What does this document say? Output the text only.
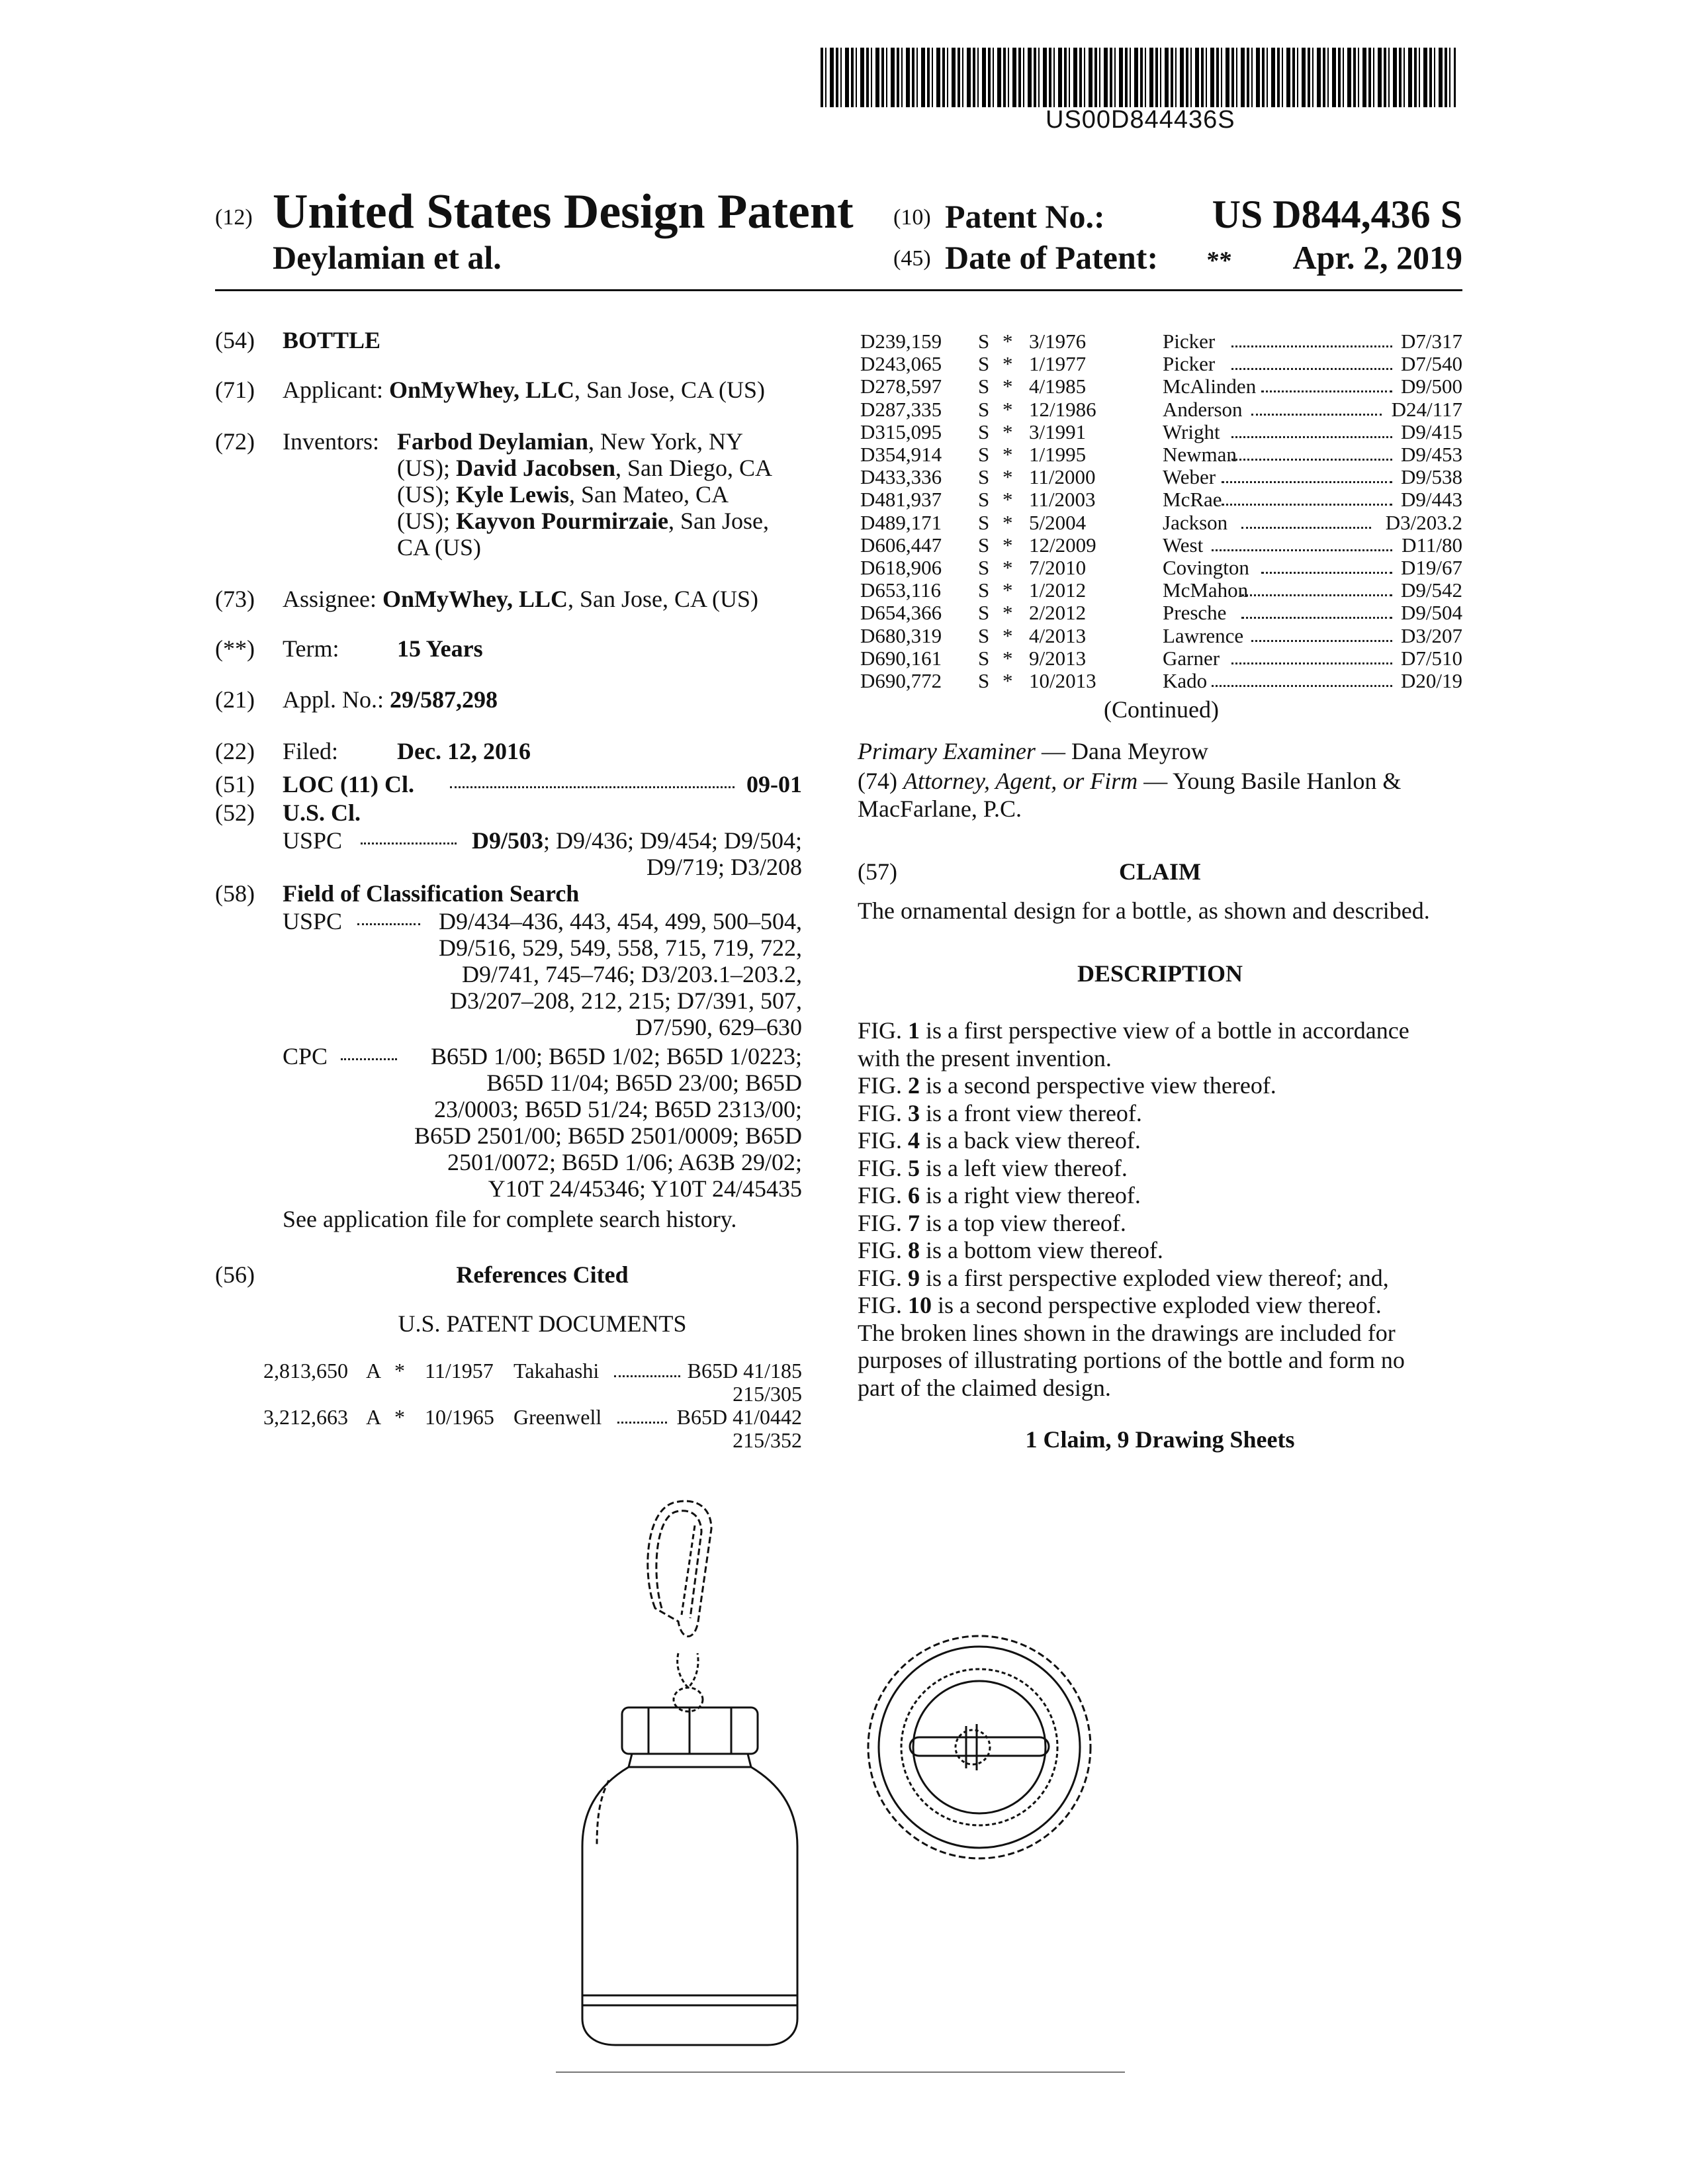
US00D844436S
(12) United States Design Patent
Deylamian et al.
(10) Patent No.:	US D844,436 S
(45) Date of Patent: **	Apr. 2, 2019
(54) BOTTLE
(71) Applicant: OnMyWhey, LLC, San Jose, CA (US)
(72) Inventors: Farbod Deylamian, New York, NY
(US); David Jacobsen, San Diego, CA
(US); Kyle Lewis, San Mateo, CA
(US); Kayvon Pourmirzaie, San Jose,
CA (US)
(73) Assignee: OnMyWhey, LLC, San Jose, CA (US)
(**) Term: 15 Years
(21) Appl. No.: 29/587,298
(22) Filed: Dec. 12, 2016
(51) LOC (11) Cl.	09-01
(52) U.S. Cl.
USPC	D9/503; D9/436; D9/454; D9/504;
D9/719; D3/208
(58) Field of Classification Search
USPC	D9/434–436, 443, 454, 499, 500–504,
D9/516, 529, 549, 558, 715, 719, 722,
D9/741, 745–746; D3/203.1–203.2,
D3/207–208, 212, 215; D7/391, 507,
D7/590, 629–630
CPC	B65D 1/00; B65D 1/02; B65D 1/0223;
B65D 11/04; B65D 23/00; B65D
23/0003; B65D 51/24; B65D 2313/00;
B65D 2501/00; B65D 2501/0009; B65D
2501/0072; B65D 1/06; A63B 29/02;
Y10T 24/45346; Y10T 24/45435
See application file for complete search history.
(56)	References Cited
U.S. PATENT DOCUMENTS
2,813,650 A * 11/1957 Takahashi	B65D 41/185
215/305
3,212,663 A * 10/1965 Greenwell	B65D 41/0442
215/352
D239,159 S * 3/1976	Picker	D7/317
D243,065 S * 1/1977	Picker	D7/540
D278,597 S * 4/1985	McAlinden	D9/500
D287,335 S * 12/1986	Anderson	D24/117
D315,095 S * 3/1991	Wright	D9/415
D354,914 S * 1/1995	Newman	D9/453
D433,336 S * 11/2000	Weber	D9/538
D481,937 S * 11/2003	McRae	D9/443
D489,171 S * 5/2004	Jackson	D3/203.2
D606,447 S * 12/2009	West	D11/80
D618,906 S * 7/2010	Covington	D19/67
D653,116 S * 1/2012	McMahon	D9/542
D654,366 S * 2/2012	Presche	D9/504
D680,319 S * 4/2013	Lawrence	D3/207
D690,161 S * 9/2013	Garner	D7/510
D690,772 S * 10/2013	Kado	D20/19
(Continued)
Primary Examiner — Dana Meyrow
(74) Attorney, Agent, or Firm — Young Basile Hanlon &
MacFarlane, P.C.
(57)	CLAIM
The ornamental design for a bottle, as shown and described.
DESCRIPTION
FIG. 1 is a first perspective view of a bottle in accordance
with the present invention.
FIG. 2 is a second perspective view thereof.
FIG. 3 is a front view thereof.
FIG. 4 is a back view thereof.
FIG. 5 is a left view thereof.
FIG. 6 is a right view thereof.
FIG. 7 is a top view thereof.
FIG. 8 is a bottom view thereof.
FIG. 9 is a first perspective exploded view thereof; and,
FIG. 10 is a second perspective exploded view thereof.
The broken lines shown in the drawings are included for
purposes of illustrating portions of the bottle and form no
part of the claimed design.
1 Claim, 9 Drawing Sheets
